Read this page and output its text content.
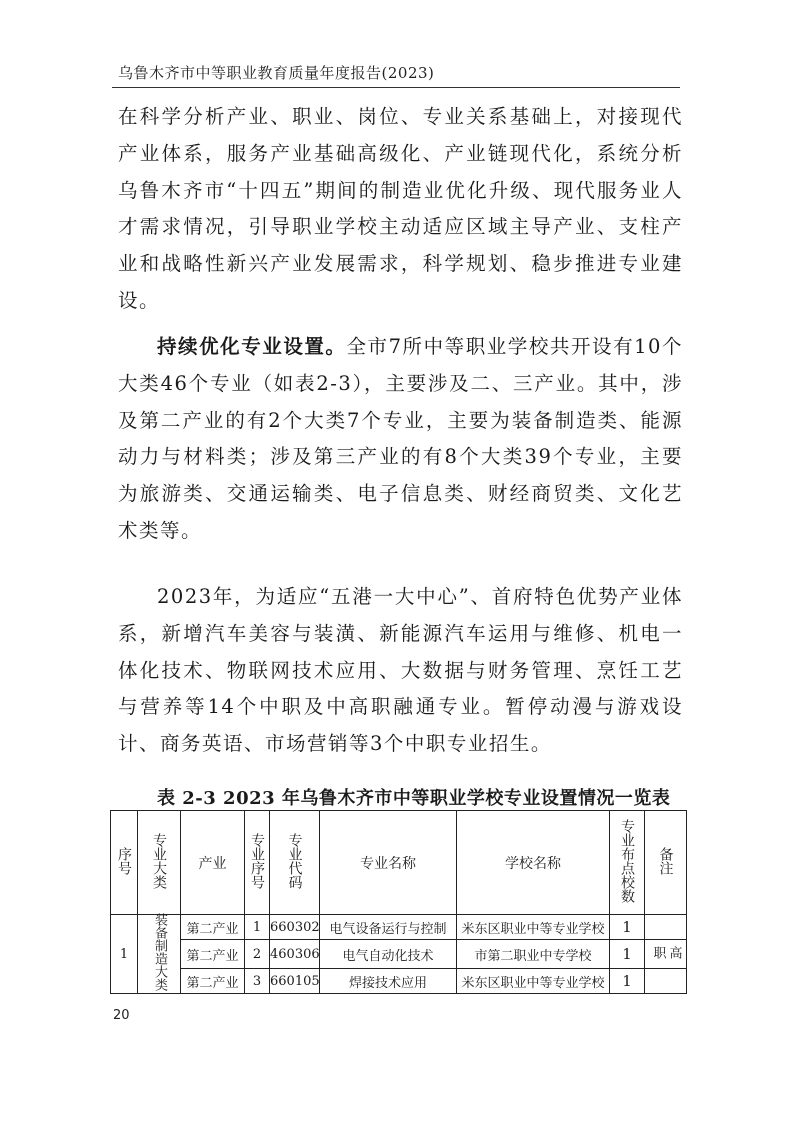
乌鲁木齐市中等职业教育质量年度报告(2023)
在科学分析产业、职业、岗位、专业关系基础上，对接现代产业体系，服务产业基础高级化、产业链现代化，系统分析乌鲁木齐市“十四五”期间的制造业优化升级、现代服务业人才需求情况，引导职业学校主动适应区域主导产业、支柱产业和战略性新兴产业发展需求，科学规划、稳步推进专业建设。
持续优化专业设置。全市7所中等职业学校共开设有10个大类46个专业（如表2-3），主要涉及二、三产业。其中，涉及第二产业的有2个大类7个专业，主要为装备制造类、能源动力与材料类；涉及第三产业的有8个大类39个专业，主要为旅游类、交通运输类、电子信息类、财经商贸类、文化艺术类等。
2023年，为适应“五港一大中心”、首府特色优势产业体系，新增汽车美容与装潢、新能源汽车运用与维修、机电一体化技术、物联网技术应用、大数据与财务管理、烹饪工艺与营养等14个中职及中高职融通专业。暂停动漫与游戏设计、商务英语、市场营销等3个中职专业招生。
表 2-3 2023 年乌鲁木齐市中等职业学校专业设置情况一览表
序号	专业大类	产业	专业序号	专业代码	专业名称	学校名称	专业布点校数	备注
1	装备制造大类	第二产业	1	660302	电气设备运行与控制	米东区职业中等专业学校	1	
		第二产业	2	460306	电气自动化技术	市第二职业中专学校	1	高职
		第二产业	3	660105	焊接技术应用	米东区职业中等专业学校	1	
20
